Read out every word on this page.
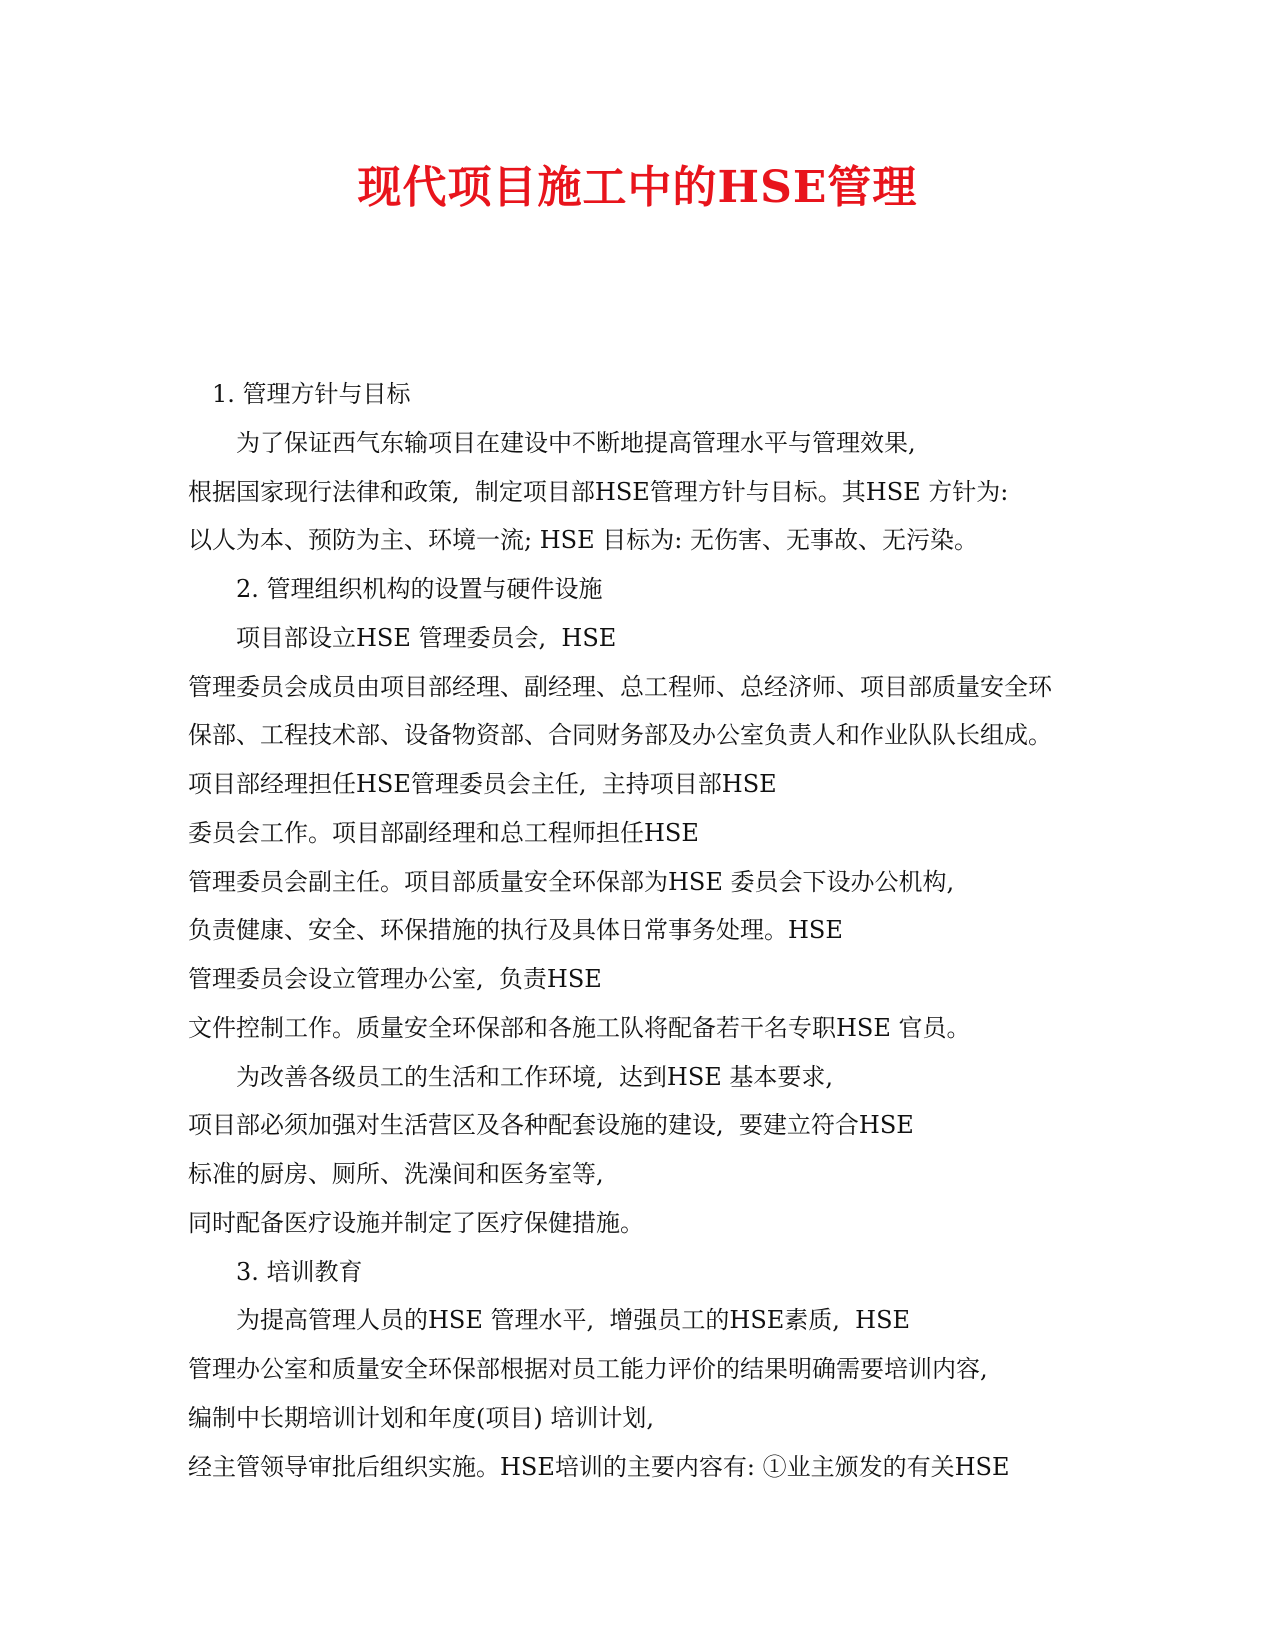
现代项目施工中的HSE管理
1. 管理方针与目标
为了保证西气东输项目在建设中不断地提高管理水平与管理效果,
根据国家现行法律和政策,  制定项目部HSE管理方针与目标。其HSE 方针为:
以人为本、预防为主、环境一流; HSE 目标为: 无伤害、无事故、无污染。
2. 管理组织机构的设置与硬件设施
项目部设立HSE 管理委员会,  HSE
管理委员会成员由项目部经理、副经理、总工程师、总经济师、项目部质量安全环
保部、工程技术部、设备物资部、合同财务部及办公室负责人和作业队队长组成。
项目部经理担任HSE管理委员会主任,  主持项目部HSE
委员会工作。项目部副经理和总工程师担任HSE
管理委员会副主任。项目部质量安全环保部为HSE 委员会下设办公机构,
负责健康、安全、环保措施的执行及具体日常事务处理。HSE
管理委员会设立管理办公室,  负责HSE
文件控制工作。质量安全环保部和各施工队将配备若干名专职HSE 官员。
为改善各级员工的生活和工作环境,  达到HSE 基本要求,
项目部必须加强对生活营区及各种配套设施的建设,  要建立符合HSE
标准的厨房、厕所、洗澡间和医务室等,
同时配备医疗设施并制定了医疗保健措施。
3. 培训教育
为提高管理人员的HSE 管理水平,  增强员工的HSE素质,  HSE
管理办公室和质量安全环保部根据对员工能力评价的结果明确需要培训内容,
编制中长期培训计划和年度(项目) 培训计划,
经主管领导审批后组织实施。HSE培训的主要内容有: ①业主颁发的有关HSE
